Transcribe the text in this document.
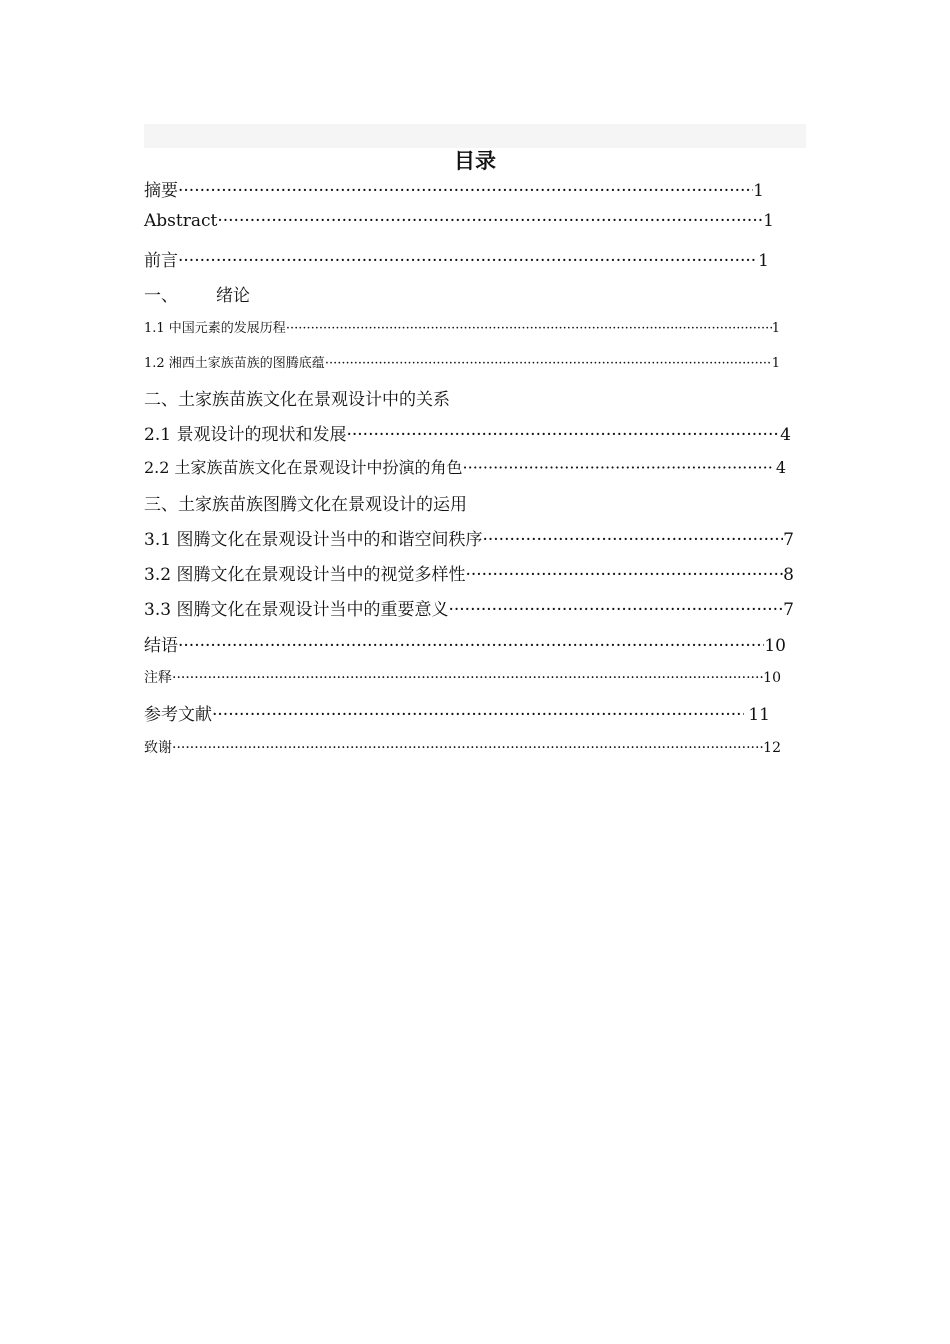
目录
摘要 ·····	1
Abstract ·····	1
前言 ·····	1
一、 绪论
1.1 中国元素的发展历程 ·····	1
1.2 湘西土家族苗族的图腾底蕴 ·····	1
二、土家族苗族文化在景观设计中的关系
2.1 景观设计的现状和发展 ·····	4
2.2 土家族苗族文化在景观设计中扮演的角色 ·····	4
三、土家族苗族图腾文化在景观设计的运用
3.1 图腾文化在景观设计当中的和谐空间秩序 ·····	7
3.2 图腾文化在景观设计当中的视觉多样性 ·····	8
3.3 图腾文化在景观设计当中的重要意义 ·····	7
结语 ·····	10
注释 ·····	10
参考文献 ·····	11
致谢 ·····	12
